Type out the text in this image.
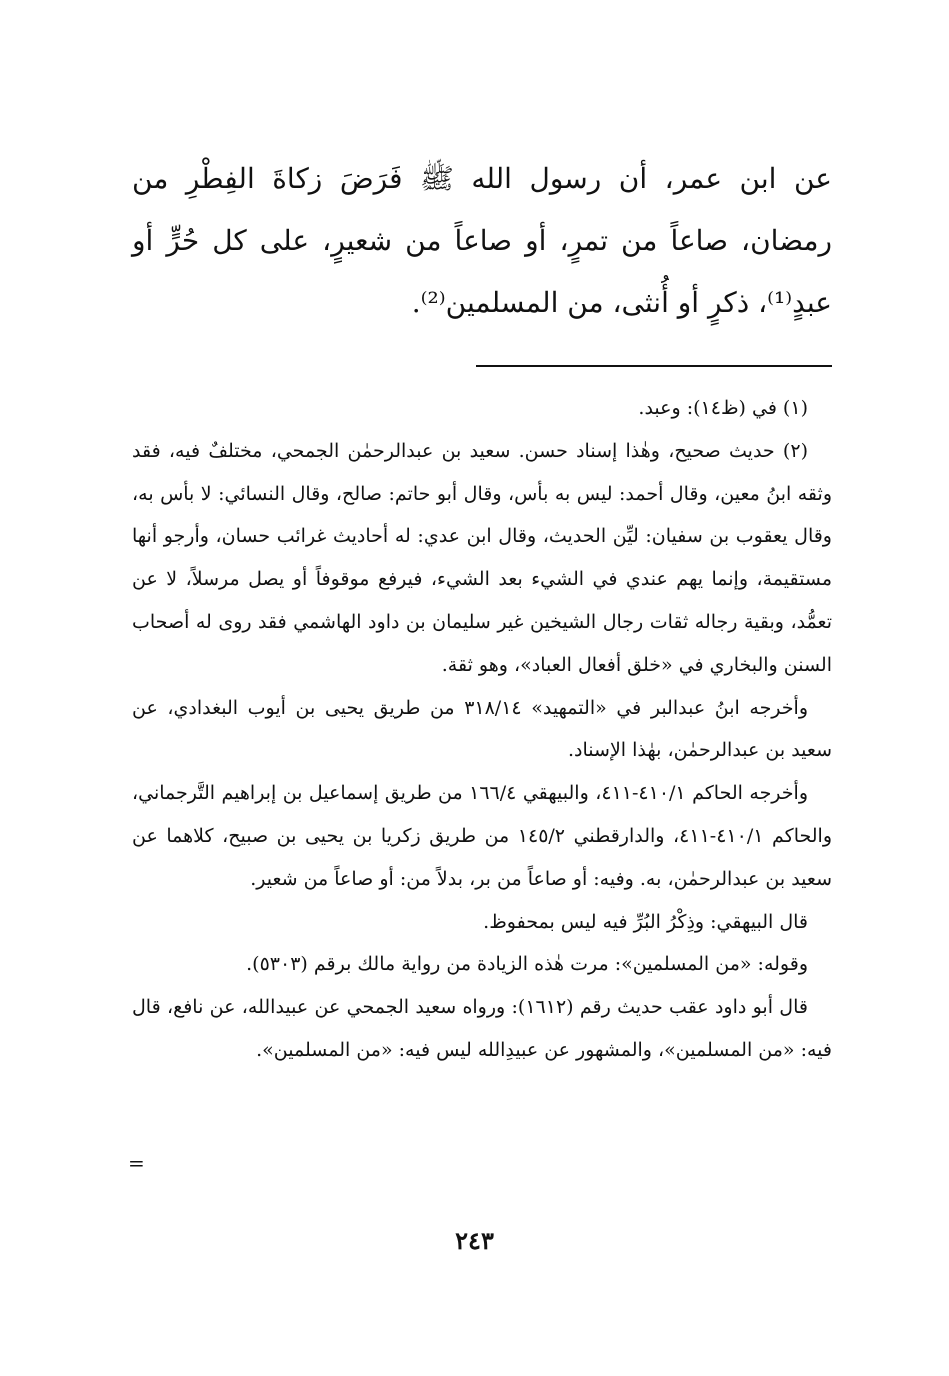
عن ابن عمر، أن رسول الله ﷺ فَرَضَ زكاةَ الفِطْرِ من رمضان، صاعاً من تمرٍ، أو صاعاً من شعيرٍ، على كل حُرٍّ أو عبدٍ⁽¹⁾، ذكرٍ أو أُنثى، من المسلمين⁽²⁾.

(١) في (ظ١٤): وعبد.

(٢) حديث صحيح، وهٰذا إسناد حسن. سعيد بن عبدالرحمٰن الجمحي، مختلفٌ فيه، فقد وثقه ابنُ معين، وقال أحمد: ليس به بأس، وقال أبو حاتم: صالح، وقال النسائي: لا بأس به، وقال يعقوب بن سفيان: ليِّن الحديث، وقال ابن عدي: له أحاديث غرائب حسان، وأرجو أنها مستقيمة، وإنما يهم عندي في الشيء بعد الشيء، فيرفع موقوفاً أو يصل مرسلاً، لا عن تعمُّد، وبقية رجاله ثقات رجال الشيخين غير سليمان بن داود الهاشمي فقد روى له أصحاب السنن والبخاري في «خلق أفعال العباد»، وهو ثقة.

وأخرجه ابنُ عبدالبر في «التمهيد» ٣١٨/١٤ من طريق يحيى بن أيوب البغدادي، عن سعيد بن عبدالرحمٰن، بهٰذا الإسناد.

وأخرجه الحاكم ٤١٠/١-٤١١، والبيهقي ١٦٦/٤ من طريق إسماعيل بن إبراهيم التَّرجماني، والحاكم ٤١٠/١-٤١١، والدارقطني ١٤٥/٢ من طريق زكريا بن يحيى بن صبيح، كلاهما عن سعيد بن عبدالرحمٰن، به. وفيه: أو صاعاً من بر، بدلاً من: أو صاعاً من شعير.

قال البيهقي: وذِكْرُ البُرِّ فيه ليس بمحفوظ.

وقوله: «من المسلمين»: مرت هٰذه الزيادة من رواية مالك برقم (٥٣٠٣).

قال أبو داود عقب حديث رقم (١٦١٢): ورواه سعيد الجمحي عن عبيدالله، عن نافع، قال فيه: «من المسلمين»، والمشهور عن عبيدِالله ليس فيه: «من المسلمين».

=
٢٤٣
